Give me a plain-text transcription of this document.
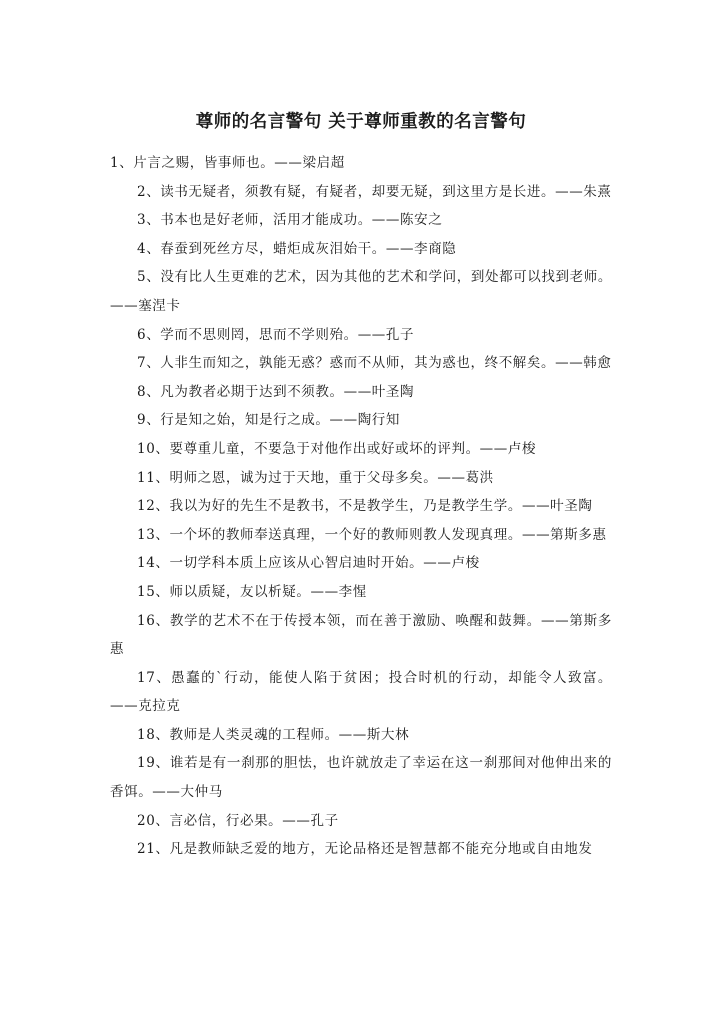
尊师的名言警句 关于尊师重教的名言警句

1、片言之赐，皆事师也。——梁启超

2、读书无疑者，须教有疑，有疑者，却要无疑，到这里方是长进。——朱熹

3、书本也是好老师，活用才能成功。——陈安之

4、春蚕到死丝方尽，蜡炬成灰泪始干。——李商隐

5、没有比人生更难的艺术，因为其他的艺术和学问，到处都可以找到老师。——塞涅卡

6、学而不思则罔，思而不学则殆。——孔子

7、人非生而知之，孰能无惑？惑而不从师，其为惑也，终不解矣。——韩愈

8、凡为教者必期于达到不须教。——叶圣陶

9、行是知之始，知是行之成。——陶行知

10、要尊重儿童，不要急于对他作出或好或坏的评判。——卢梭

11、明师之恩，诚为过于天地，重于父母多矣。——葛洪

12、我以为好的先生不是教书，不是教学生，乃是教学生学。——叶圣陶

13、一个坏的教师奉送真理，一个好的教师则教人发现真理。——第斯多惠

14、一切学科本质上应该从心智启迪时开始。——卢梭

15、师以质疑，友以析疑。——李惺

16、教学的艺术不在于传授本领，而在善于激励、唤醒和鼓舞。——第斯多惠

17、愚蠢的`行动，能使人陷于贫困；投合时机的行动，却能令人致富。——克拉克

18、教师是人类灵魂的工程师。——斯大林

19、谁若是有一刹那的胆怯，也许就放走了幸运在这一刹那间对他伸出来的香饵。——大仲马

20、言必信，行必果。——孔子

21、凡是教师缺乏爱的地方，无论品格还是智慧都不能充分地或自由地发
